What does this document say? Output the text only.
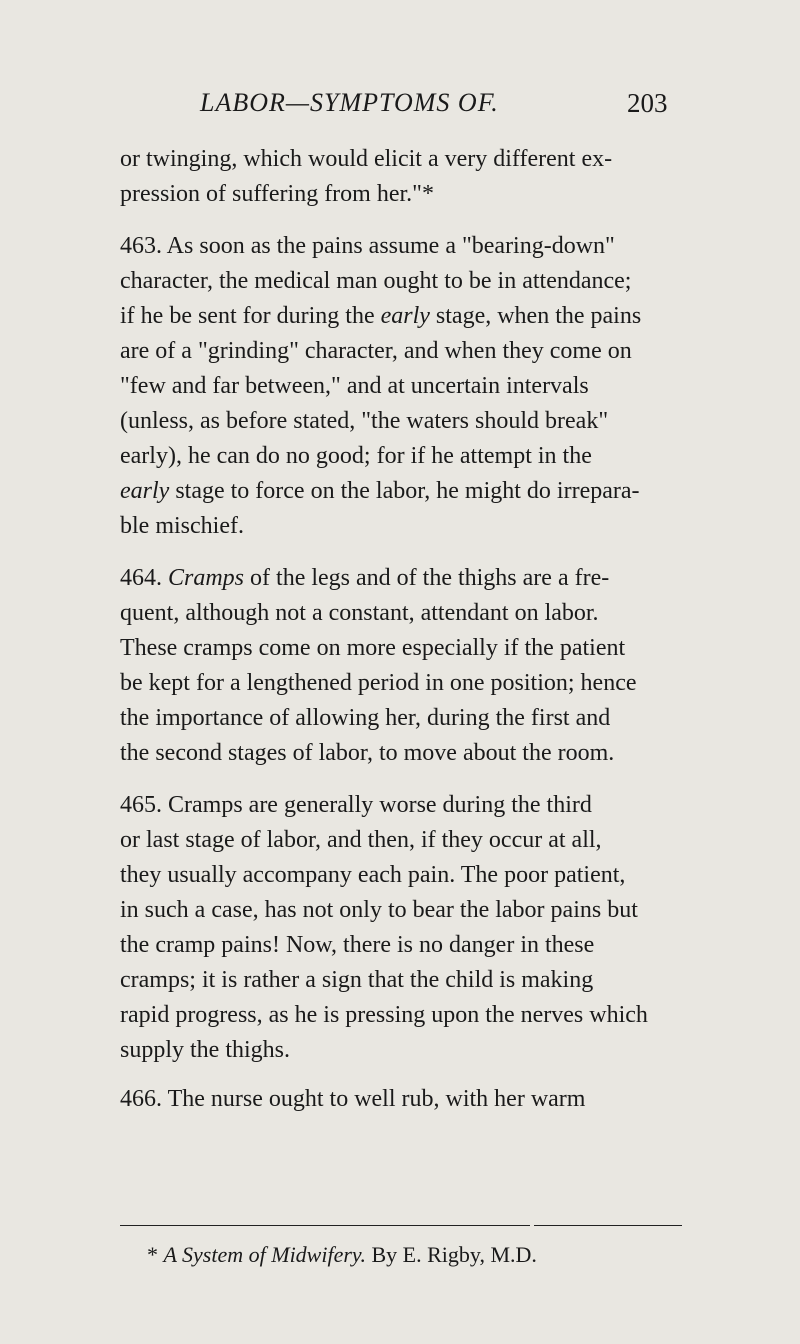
LABOR—SYMPTOMS OF.	203
or twinging, which would elicit a very different ex-
pression of suffering from her."*
463. As soon as the pains assume a "bearing-down"
character, the medical man ought to be in attendance;
if he be sent for during the early stage, when the pains
are of a "grinding" character, and when they come on
"few and far between," and at uncertain intervals
(unless, as before stated, "the waters should break"
early), he can do no good; for if he attempt in the
early stage to force on the labor, he might do irrepara-
ble mischief.
464. Cramps of the legs and of the thighs are a fre-
quent, although not a constant, attendant on labor.
These cramps come on more especially if the patient
be kept for a lengthened period in one position; hence
the importance of allowing her, during the first and
the second stages of labor, to move about the room.
465. Cramps are generally worse during the third
or last stage of labor, and then, if they occur at all,
they usually accompany each pain. The poor patient,
in such a case, has not only to bear the labor pains but
the cramp pains! Now, there is no danger in these
cramps; it is rather a sign that the child is making
rapid progress, as he is pressing upon the nerves which
supply the thighs.
466. The nurse ought to well rub, with her warm
* A System of Midwifery. By E. Rigby, M.D.
